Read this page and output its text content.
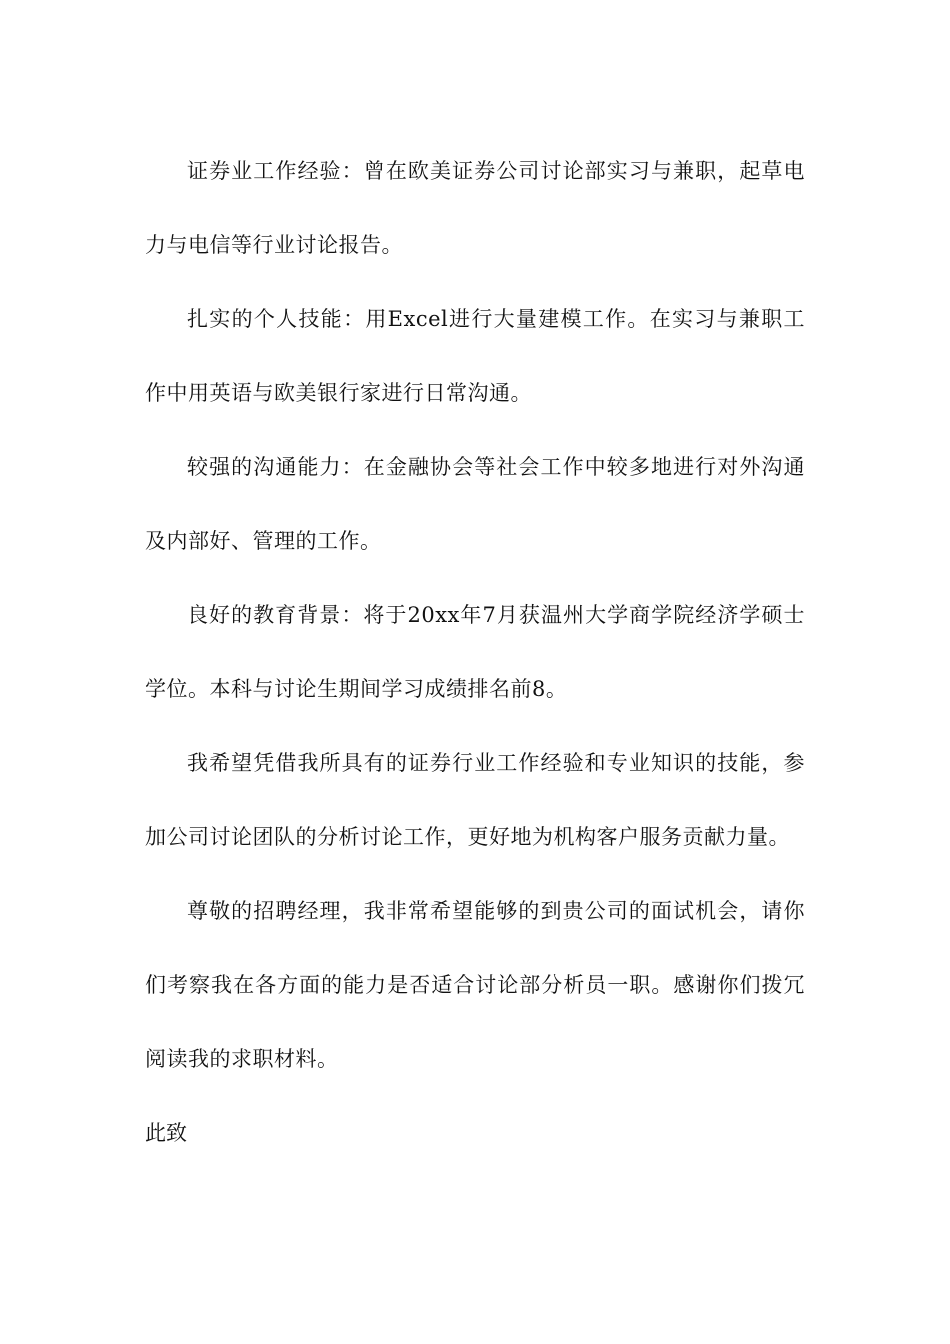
证券业工作经验：曾在欧美证券公司讨论部实习与兼职，起草电力与电信等行业讨论报告。

扎实的个人技能：用Excel进行大量建模工作。在实习与兼职工作中用英语与欧美银行家进行日常沟通。

较强的沟通能力：在金融协会等社会工作中较多地进行对外沟通及内部好、管理的工作。

良好的教育背景：将于20xx年7月获温州大学商学院经济学硕士学位。本科与讨论生期间学习成绩排名前8。

我希望凭借我所具有的证券行业工作经验和专业知识的技能，参加公司讨论团队的分析讨论工作，更好地为机构客户服务贡献力量。

尊敬的招聘经理，我非常希望能够的到贵公司的面试机会，请你们考察我在各方面的能力是否适合讨论部分析员一职。感谢你们拨冗阅读我的求职材料。

此致
